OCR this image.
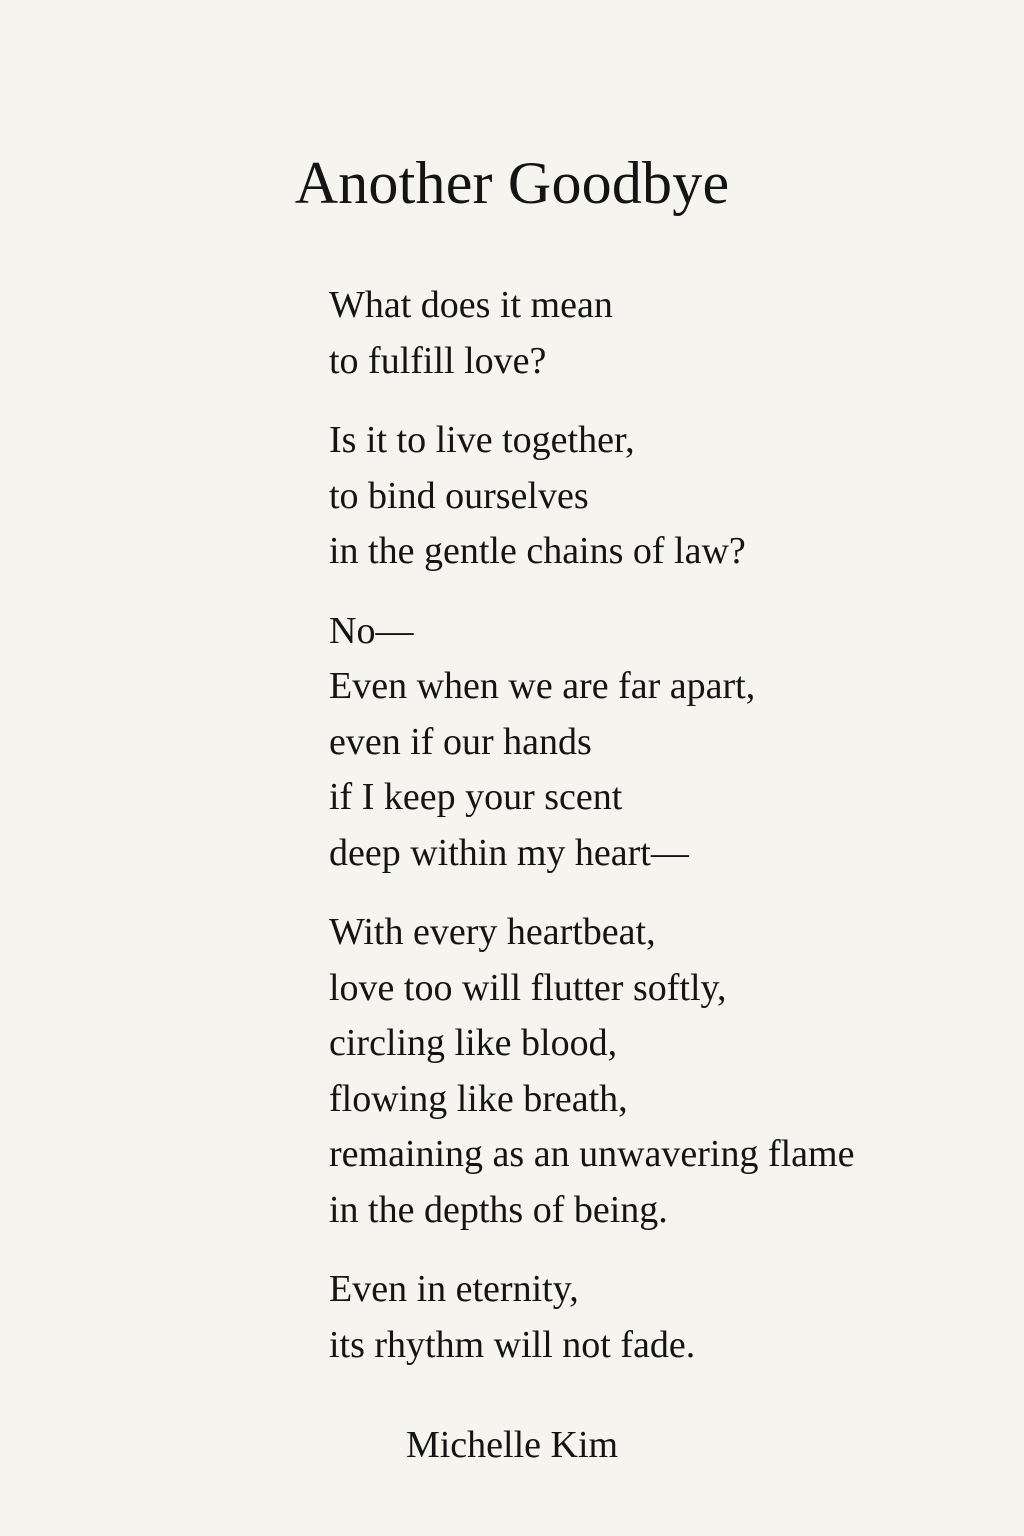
Another Goodbye
What does it mean
to fulfill love?
Is it to live together,
to bind ourselves
in the gentle chains of law?
No—
Even when we are far apart,
even if our hands
if I keep your scent
deep within my heart—
With every heartbeat,
love too will flutter softly,
circling like blood,
flowing like breath,
remaining as an unwavering flame
in the depths of being.
Even in eternity,
its rhythm will not fade.
Michelle Kim
